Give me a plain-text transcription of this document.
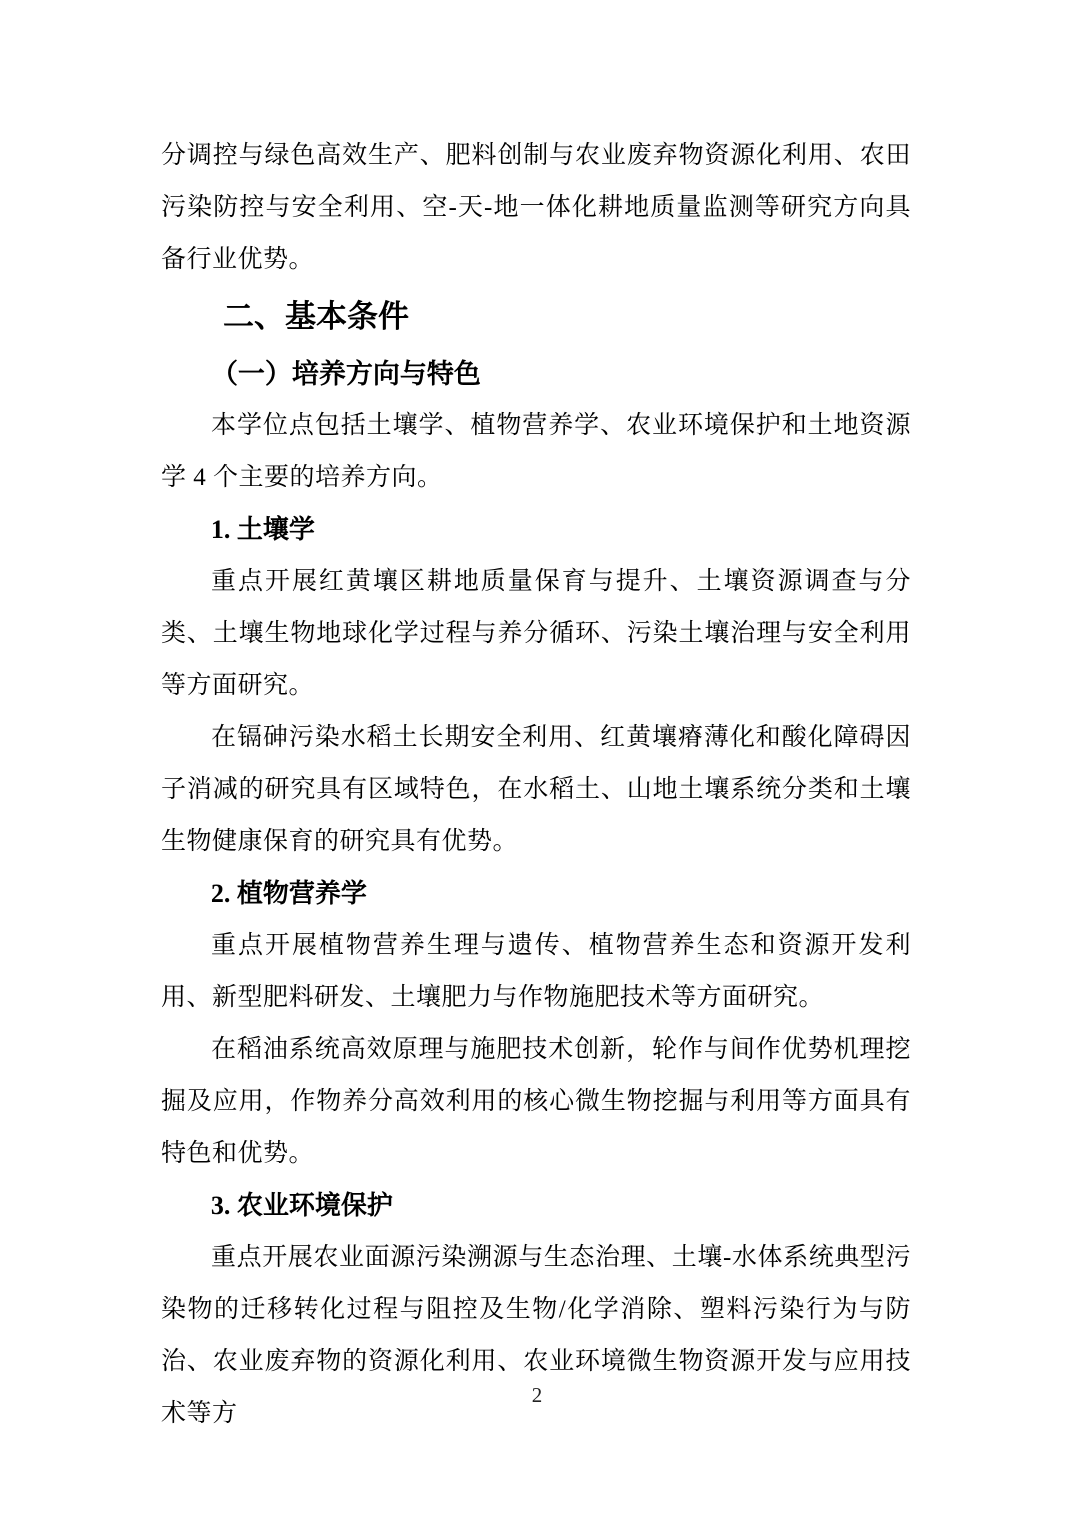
分调控与绿色高效生产、肥料创制与农业废弃物资源化利用、农田污染防控与安全利用、空-天-地一体化耕地质量监测等研究方向具备行业优势。

二、基本条件
（一）培养方向与特色

本学位点包括土壤学、植物营养学、农业环境保护和土地资源学 4 个主要的培养方向。

1. 土壤学

重点开展红黄壤区耕地质量保育与提升、土壤资源调查与分类、土壤生物地球化学过程与养分循环、污染土壤治理与安全利用等方面研究。

在镉砷污染水稻土长期安全利用、红黄壤瘠薄化和酸化障碍因子消减的研究具有区域特色，在水稻土、山地土壤系统分类和土壤生物健康保育的研究具有优势。

2. 植物营养学

重点开展植物营养生理与遗传、植物营养生态和资源开发利用、新型肥料研发、土壤肥力与作物施肥技术等方面研究。

在稻油系统高效原理与施肥技术创新，轮作与间作优势机理挖掘及应用，作物养分高效利用的核心微生物挖掘与利用等方面具有特色和优势。

3. 农业环境保护

重点开展农业面源污染溯源与生态治理、土壤-水体系统典型污染物的迁移转化过程与阻控及生物/化学消除、塑料污染行为与防治、农业废弃物的资源化利用、农业环境微生物资源开发与应用技术等方

2
